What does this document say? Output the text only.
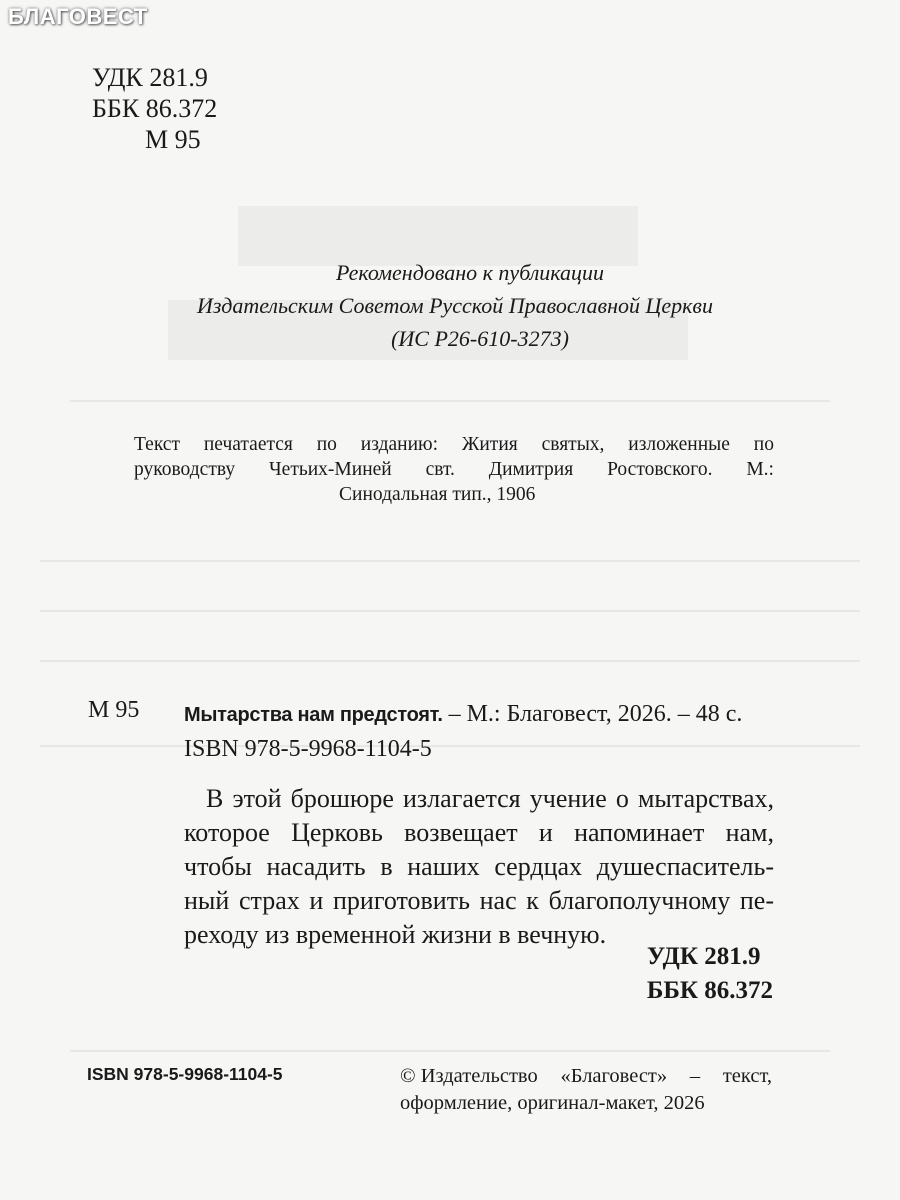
БЛАГОВЕСТ
УДК 281.9
ББК 86.372
М 95
Рекомендовано к публикации
Издательским Советом Русской Православной Церкви
(ИС Р26-610-3273)
Текст печатается по изданию: Жития святых, изложенные по
руководству Четьих-Миней свт. Димитрия Ростовского. М.:
Синодальная тип., 1906
М 95 Мытарства нам предстоят. – М.: Благовест, 2026. – 48 с.
ISBN 978-5-9968-1104-5
В этой брошюре излагается учение о мытарствах,
которое Церковь возвещает и напоминает нам,
чтобы насадить в наших сердцах душеспаситель-
ный страх и приготовить нас к благополучному пе-
реходу из временной жизни в вечную.
УДК 281.9
ББК 86.372
ISBN 978-5-9968-1104-5	© Издательство «Благовест» – текст,
оформление, оригинал-макет, 2026
